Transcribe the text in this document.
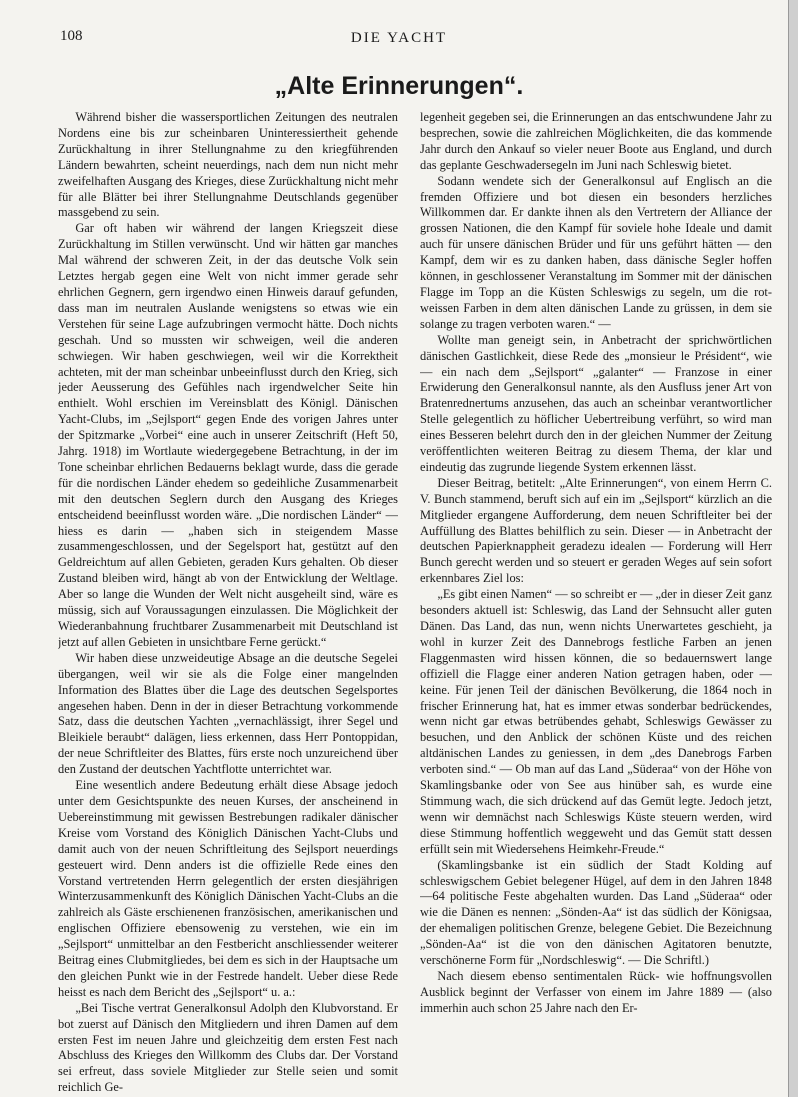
108	DIE YACHT
„Alte Erinnerungen“.

Während bisher die wassersportlichen Zeitungen des neutralen Nordens eine bis zur scheinbaren Uninteressiertheit gehende Zurückhaltung in ihrer Stellungnahme zu den kriegführenden Ländern bewahrten, scheint neuerdings, nach dem nun nicht mehr zweifelhaften Ausgang des Krieges, diese Zurückhaltung nicht mehr für alle Blätter bei ihrer Stellungnahme Deutschlands gegenüber massgebend zu sein.

Gar oft haben wir während der langen Kriegszeit diese Zurückhaltung im Stillen verwünscht. Und wir hätten gar manches Mal während der schweren Zeit, in der das deutsche Volk sein Letztes hergab gegen eine Welt von nicht immer gerade sehr ehrlichen Gegnern, gern irgendwo einen Hinweis darauf gefunden, dass man im neutralen Auslande wenigstens so etwas wie ein Verstehen für seine Lage aufzubringen vermocht hätte. Doch nichts geschah. Und so mussten wir schweigen, weil die anderen schwiegen. Wir haben geschwiegen, weil wir die Korrektheit achteten, mit der man scheinbar unbeeinflusst durch den Krieg, sich jeder Aeusserung des Gefühles nach irgendwelcher Seite hin enthielt. Wohl erschien im Vereinsblatt des Königl. Dänischen Yacht-Clubs, im „Sejlsport“ gegen Ende des vorigen Jahres unter der Spitzmarke „Vorbei“ eine auch in unserer Zeitschrift (Heft 50, Jahrg. 1918) im Wortlaute wiedergegebene Betrachtung, in der im Tone scheinbar ehrlichen Bedauerns beklagt wurde, dass die gerade für die nordischen Länder ehedem so gedeihliche Zusammenarbeit mit den deutschen Seglern durch den Ausgang des Krieges entscheidend beeinflusst worden wäre. „Die nordischen Länder“ — hiess es darin — „haben sich in steigendem Masse zusammengeschlossen, und der Segelsport hat, gestützt auf den Geldreichtum auf allen Gebieten, geraden Kurs gehalten. Ob dieser Zustand bleiben wird, hängt ab von der Entwicklung der Weltlage. Aber so lange die Wunden der Welt nicht ausgeheilt sind, wäre es müssig, sich auf Voraussagungen einzulassen. Die Möglichkeit der Wiederanbahnung fruchtbarer Zusammenarbeit mit Deutschland ist jetzt auf allen Gebieten in unsichtbare Ferne gerückt.“

Wir haben diese unzweideutige Absage an die deutsche Segelei übergangen, weil wir sie als die Folge einer mangelnden Information des Blattes über die Lage des deutschen Segelsportes angesehen haben. Denn in der in dieser Betrachtung vorkommende Satz, dass die deutschen Yachten „vernachlässigt, ihrer Segel und Bleikiele beraubt“ dalägen, liess erkennen, dass Herr Pontoppidan, der neue Schriftleiter des Blattes, fürs erste noch unzureichend über den Zustand der deutschen Yachtflotte unterrichtet war.

Eine wesentlich andere Bedeutung erhält diese Absage jedoch unter dem Gesichtspunkte des neuen Kurses, der anscheinend in Uebereinstimmung mit gewissen Bestrebungen radikaler dänischer Kreise vom Vorstand des Königlich Dänischen Yacht-Clubs und damit auch von der neuen Schriftleitung des Sejlsport neuerdings gesteuert wird. Denn anders ist die offizielle Rede eines den Vorstand vertretenden Herrn gelegentlich der ersten diesjährigen Winterzusammenkunft des Königlich Dänischen Yacht-Clubs an die zahlreich als Gäste erschienenen französischen, amerikanischen und englischen Offiziere ebensowenig zu verstehen, wie ein im „Sejlsport“ unmittelbar an den Festbericht anschliessender weiterer Beitrag eines Clubmitgliedes, bei dem es sich in der Hauptsache um den gleichen Punkt wie in der Festrede handelt. Ueber diese Rede heisst es nach dem Bericht des „Sejlsport“ u. a.:

„Bei Tische vertrat Generalkonsul Adolph den Klubvorstand. Er bot zuerst auf Dänisch den Mitgliedern und ihren Damen auf dem ersten Fest im neuen Jahre und gleichzeitig dem ersten Fest nach Abschluss des Krieges den Willkomm des Clubs dar. Der Vorstand sei erfreut, dass soviele Mitglieder zur Stelle seien und somit reichlich Ge-

legenheit gegeben sei, die Erinnerungen an das entschwundene Jahr zu besprechen, sowie die zahlreichen Möglichkeiten, die das kommende Jahr durch den Ankauf so vieler neuer Boote aus England, und durch das geplante Geschwadersegeln im Juni nach Schleswig bietet.

Sodann wendete sich der Generalkonsul auf Englisch an die fremden Offiziere und bot diesen ein besonders herzliches Willkommen dar. Er dankte ihnen als den Vertretern der Alliance der grossen Nationen, die den Kampf für soviele hohe Ideale und damit auch für unsere dänischen Brüder und für uns geführt hätten — den Kampf, dem wir es zu danken haben, dass dänische Segler hoffen können, in geschlossener Veranstaltung im Sommer mit der dänischen Flagge im Topp an die Küsten Schleswigs zu segeln, um die rot-weissen Farben in dem alten dänischen Lande zu grüssen, in dem sie solange zu tragen verboten waren.“ —

Wollte man geneigt sein, in Anbetracht der sprichwörtlichen dänischen Gastlichkeit, diese Rede des „monsieur le Président“, wie — ein nach dem „Sejlsport“ „galanter“ — Franzose in einer Erwiderung den Generalkonsul nannte, als den Ausfluss jener Art von Bratenrednertums anzusehen, das auch an scheinbar verantwortlicher Stelle gelegentlich zu höflicher Uebertreibung verführt, so wird man eines Besseren belehrt durch den in der gleichen Nummer der Zeitung veröffentlichten weiteren Beitrag zu diesem Thema, der klar und eindeutig das zugrunde liegende System erkennen lässt.

Dieser Beitrag, betitelt: „Alte Erinnerungen“, von einem Herrn C. V. Bunch stammend, beruft sich auf ein im „Sejlsport“ kürzlich an die Mitglieder ergangene Aufforderung, dem neuen Schriftleiter bei der Auffüllung des Blattes behilflich zu sein. Dieser — in Anbetracht der deutschen Papierknappheit geradezu idealen — Forderung will Herr Bunch gerecht werden und so steuert er geraden Weges auf sein sofort erkennbares Ziel los:

„Es gibt einen Namen“ — so schreibt er — „der in dieser Zeit ganz besonders aktuell ist: Schleswig, das Land der Sehnsucht aller guten Dänen. Das Land, das nun, wenn nichts Unerwartetes geschieht, ja wohl in kurzer Zeit des Dannebrogs festliche Farben an jenen Flaggenmasten wird hissen können, die so bedauernswert lange offiziell die Flagge einer anderen Nation getragen haben, oder — keine. Für jenen Teil der dänischen Bevölkerung, die 1864 noch in frischer Erinnerung hat, hat es immer etwas sonderbar bedrückendes, wenn nicht gar etwas betrübendes gehabt, Schleswigs Gewässer zu besuchen, und den Anblick der schönen Küste und des reichen altdänischen Landes zu geniessen, in dem „des Danebrogs Farben verboten sind.“ — Ob man auf das Land „Süderaa“ von der Höhe von Skamlingsbanke oder von See aus hinüber sah, es wurde eine Stimmung wach, die sich drückend auf das Gemüt legte. Jedoch jetzt, wenn wir demnächst nach Schleswigs Küste steuern werden, wird diese Stimmung hoffentlich weggeweht und das Gemüt statt dessen erfüllt sein mit Wiedersehens Heimkehr-Freude.“

(Skamlingsbanke ist ein südlich der Stadt Kolding auf schleswigschem Gebiet belegener Hügel, auf dem in den Jahren 1848—64 politische Feste abgehalten wurden. Das Land „Süderaa“ oder wie die Dänen es nennen: „Sönden-Aa“ ist das südlich der Königsaa, der ehemaligen politischen Grenze, belegene Gebiet. Die Bezeichnung „Sönden-Aa“ ist die von den dänischen Agitatoren benutzte, verschönerne Form für „Nordschleswig“. — Die Schriftl.)

Nach diesem ebenso sentimentalen Rück- wie hoffnungsvollen Ausblick beginnt der Verfasser von einem im Jahre 1889 — (also immerhin auch schon 25 Jahre nach den Er-
